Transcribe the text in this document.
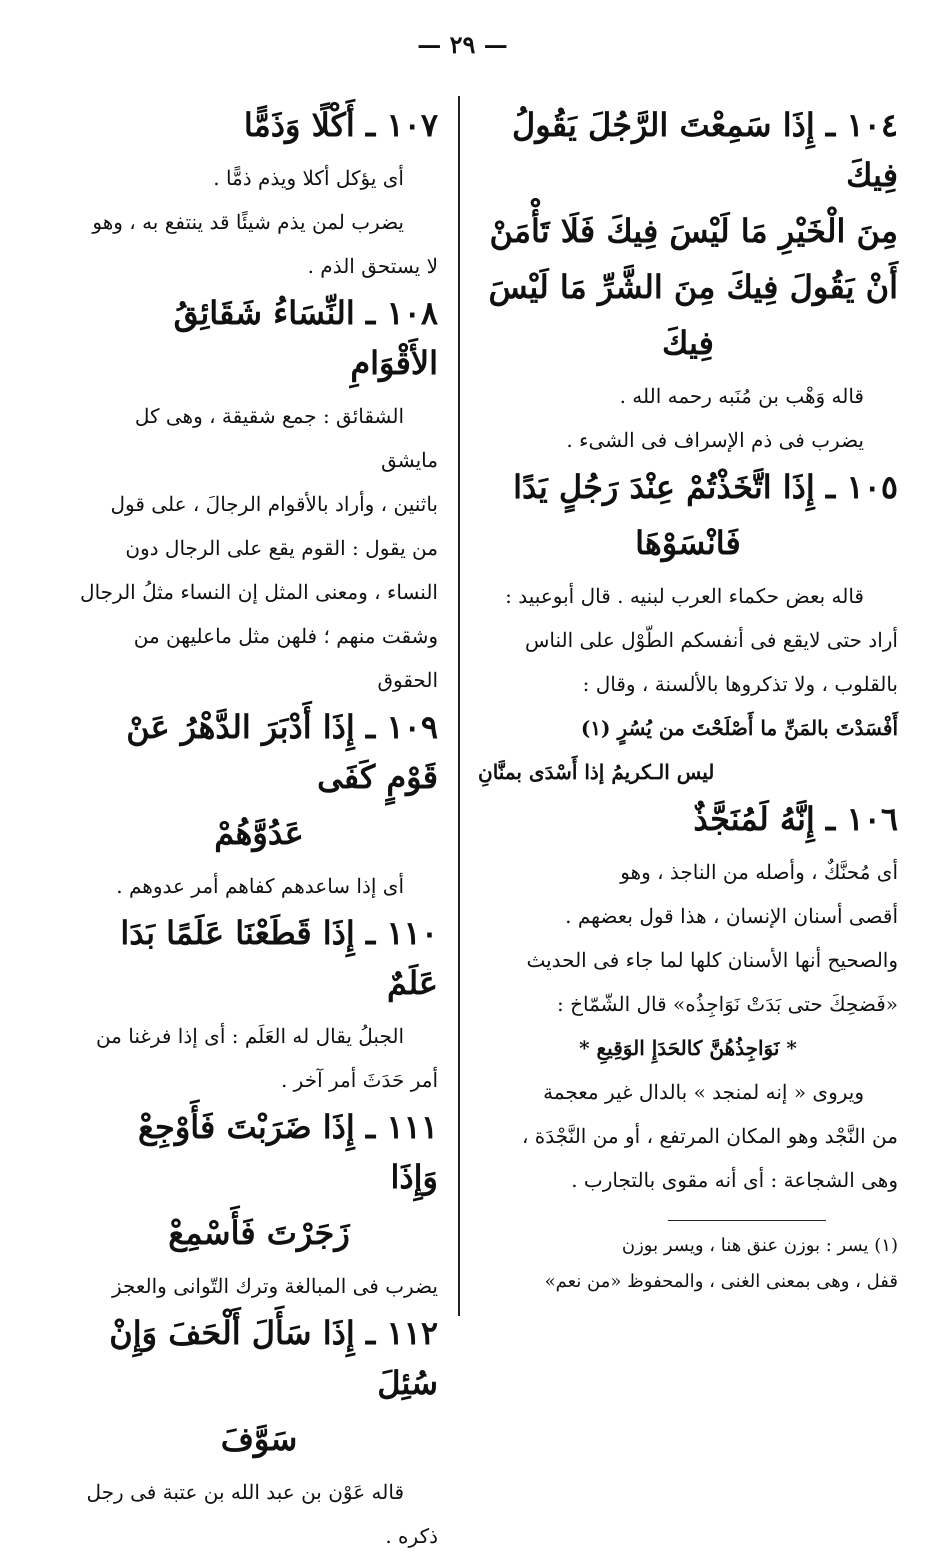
— ٢٩ —

١٠٤ ـ إِذَا سَمِعْتَ الرَّجُلَ يَقُولُ فِيكَ

مِنَ الْخَيْرِ مَا لَيْسَ فِيكَ فَلَا تَأْمَنْ

أَنْ يَقُولَ فِيكَ مِنَ الشَّرِّ مَا لَيْسَ

فِيكَ

قاله وَهْب بن مُنَبه رحمه الله .

يضرب فى ذم الإسراف فى الشىء .

١٠٥ ـ إِذَا اتَّخَذْتُمْ عِنْدَ رَجُلٍ يَدًا

فَانْسَوْهَا

قاله بعض حكماء العرب لبنيه . قال أبوعبيد :

أراد حتى لايقع فى أنفسكم الطّوْل على الناس

بالقلوب ، ولا تذكروها بالألسنة ، وقال :

أَفْسَدْتَ بالمَنِّ ما أَصْلَحْتَ من يُسُرٍ (١)

ليس الـكريمُ إذا أَسْدَى بمنَّانِ

١٠٦ ـ إِنَّهُ لَمُنَجَّذٌ

أى مُحنَّكٌ ، وأصله من الناجذ ، وهو

أقصى أسنان الإنسان ، هذا قول بعضهم .

والصحيح أنها الأسنان كلها لما جاء فى الحديث

«فَضحِكَ حتى بَدَتْ نَوَاجِذُه» قال الشّمّاخ :

* نَوَاجِذُهُنَّ كالحَدَإِ الوَقِيعِ *

ويروى « إنه لمنجد » بالدال غير معجمة

من النَّجْد وهو المكان المرتفع ، أو من النَّجْدَة ،

وهى الشجاعة : أى أنه مقوى بالتجارب .

١٠٧ ـ أَكْلًا وَذَمًّا

أى يؤكل أكلا ويذم ذمًّا .

يضرب لمن يذم شيئًا قد ينتفع به ، وهو

لا يستحق الذم .

١٠٨ ـ النِّسَاءُ شَقَائِقُ الأَقْوَامِ

الشقائق : جمع شقيقة ، وهى كل مايشق

باثنين ، وأراد بالأقوام الرجالَ ، على قول

من يقول : القوم يقع على الرجال دون

النساء ، ومعنى المثل إن النساء مثلُ الرجال

وشقت منهم ؛ فلهن مثل ماعليهن من الحقوق

١٠٩ ـ إِذَا أَدْبَرَ الدَّهْرُ عَنْ قَوْمٍ كَفَى

عَدُوَّهُمْ

أى إذا ساعدهم كفاهم أمر عدوهم .

١١٠ ـ إِذَا قَطَعْنَا عَلَمًا بَدَا عَلَمٌ

الجبلُ يقال له العَلَم : أى إذا فرغنا من

أمر حَدَثَ أمر آخر .

١١١ ـ إِذَا ضَرَبْتَ فَأَوْجِعْ وَإِذَا

زَجَرْتَ فَأَسْمِعْ

يضرب فى المبالغة وترك التّوانى والعجز

١١٢ ـ إِذَا سَأَلَ أَلْحَفَ وَإِنْ سُئِلَ

سَوَّفَ

قاله عَوْن بن عبد الله بن عتبة فى رجل

ذكره .

(١) يسر : بوزن عنق هنا ، ويسر بوزن
قفل ، وهى بمعنى الغنى ، والمحفوظ «من نعم»
